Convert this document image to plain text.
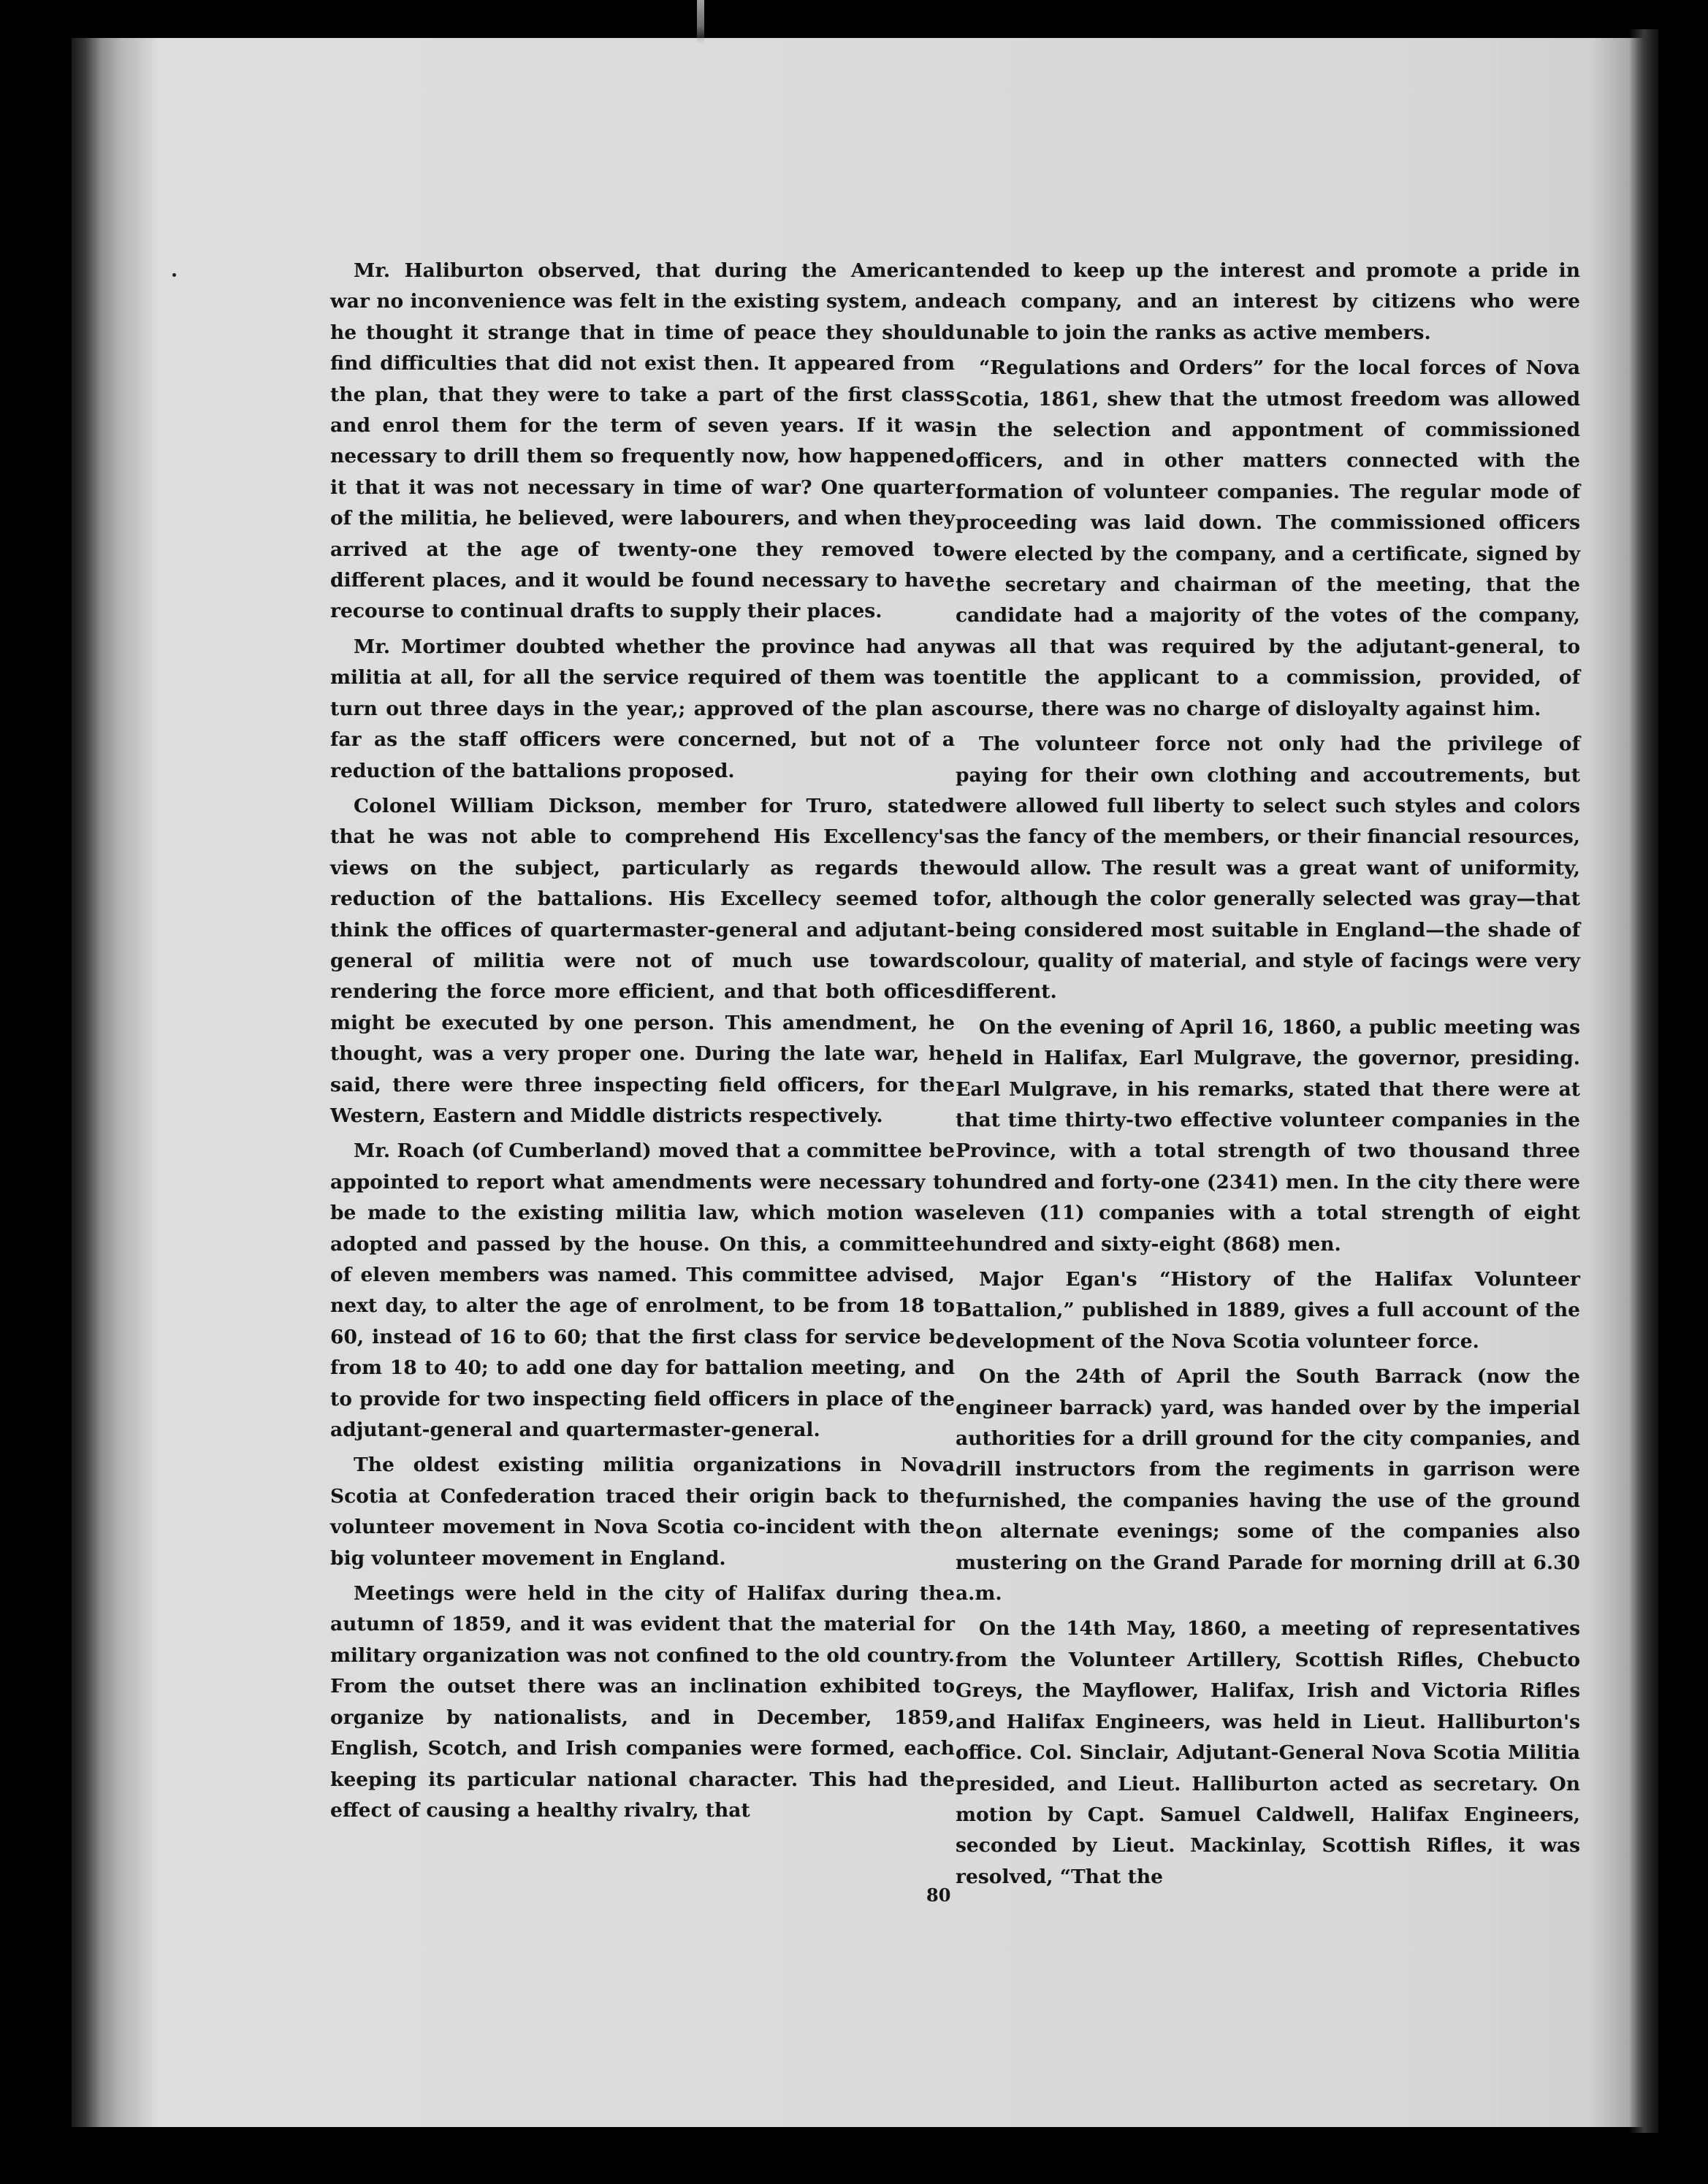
Mr. Haliburton observed, that during the American war no inconvenience was felt in the existing system, and he thought it strange that in time of peace they should find difficulties that did not exist then. It appeared from the plan, that they were to take a part of the first class and enrol them for the term of seven years. If it was necessary to drill them so frequently now, how happened it that it was not necessary in time of war? One quarter of the militia, he believed, were labourers, and when they arrived at the age of twenty-one they removed to different places, and it would be found necessary to have recourse to continual drafts to supply their places.

Mr. Mortimer doubted whether the province had any militia at all, for all the service required of them was to turn out three days in the year,; approved of the plan as far as the staff officers were concerned, but not of a reduction of the battalions proposed.

Colonel William Dickson, member for Truro, stated that he was not able to comprehend His Excellency's views on the subject, particularly as regards the reduction of the battalions. His Excellecy seemed to think the offices of quartermaster-general and adjutant-general of militia were not of much use towards rendering the force more efficient, and that both offices might be executed by one person. This amendment, he thought, was a very proper one. During the late war, he said, there were three inspecting field officers, for the Western, Eastern and Middle districts respectively.

Mr. Roach (of Cumberland) moved that a committee be appointed to report what amendments were necessary to be made to the existing militia law, which motion was adopted and passed by the house. On this, a committee of eleven members was named. This committee advised, next day, to alter the age of enrolment, to be from 18 to 60, instead of 16 to 60; that the first class for service be from 18 to 40; to add one day for battalion meeting, and to provide for two inspecting field officers in place of the adjutant-general and quartermaster-general.

The oldest existing militia organizations in Nova Scotia at Confederation traced their origin back to the volunteer movement in Nova Scotia co-incident with the big volunteer movement in England.

Meetings were held in the city of Halifax during the autumn of 1859, and it was evident that the material for military organization was not confined to the old country. From the outset there was an inclination exhibited to organize by nationalists, and in December, 1859, English, Scotch, and Irish companies were formed, each keeping its particular national character. This had the effect of causing a healthy rivalry, that

tended to keep up the interest and promote a pride in each company, and an interest by citizens who were unable to join the ranks as active members.

“Regulations and Orders” for the local forces of Nova Scotia, 1861, shew that the utmost freedom was allowed in the selection and appontment of commissioned officers, and in other matters connected with the formation of volunteer companies. The regular mode of proceeding was laid down. The commissioned officers were elected by the company, and a certificate, signed by the secretary and chairman of the meeting, that the candidate had a majority of the votes of the company, was all that was required by the adjutant-general, to entitle the applicant to a commission, provided, of course, there was no charge of disloyalty against him.

The volunteer force not only had the privilege of paying for their own clothing and accoutrements, but were allowed full liberty to select such styles and colors as the fancy of the members, or their financial resources, would allow. The result was a great want of uniformity, for, although the color generally selected was gray—that being considered most suitable in England—the shade of colour, quality of material, and style of facings were very different.

On the evening of April 16, 1860, a public meeting was held in Halifax, Earl Mulgrave, the governor, presiding. Earl Mulgrave, in his remarks, stated that there were at that time thirty-two effective volunteer companies in the Province, with a total strength of two thousand three hundred and forty-one (2341) men. In the city there were eleven (11) companies with a total strength of eight hundred and sixty-eight (868) men.

Major Egan's “History of the Halifax Volunteer Battalion,” published in 1889, gives a full account of the development of the Nova Scotia volunteer force.

On the 24th of April the South Barrack (now the engineer barrack) yard, was handed over by the imperial authorities for a drill ground for the city companies, and drill instructors from the regiments in garrison were furnished, the companies having the use of the ground on alternate evenings; some of the companies also mustering on the Grand Parade for morning drill at 6.30 a.m.

On the 14th May, 1860, a meeting of representatives from the Volunteer Artillery, Scottish Rifles, Chebucto Greys, the Mayflower, Halifax, Irish and Victoria Rifles and Halifax Engineers, was held in Lieut. Halliburton's office. Col. Sinclair, Adjutant-General Nova Scotia Militia presided, and Lieut. Halliburton acted as secretary. On motion by Capt. Samuel Caldwell, Halifax Engineers, seconded by Lieut. Mackinlay, Scottish Rifles, it was resolved, “That the

80
